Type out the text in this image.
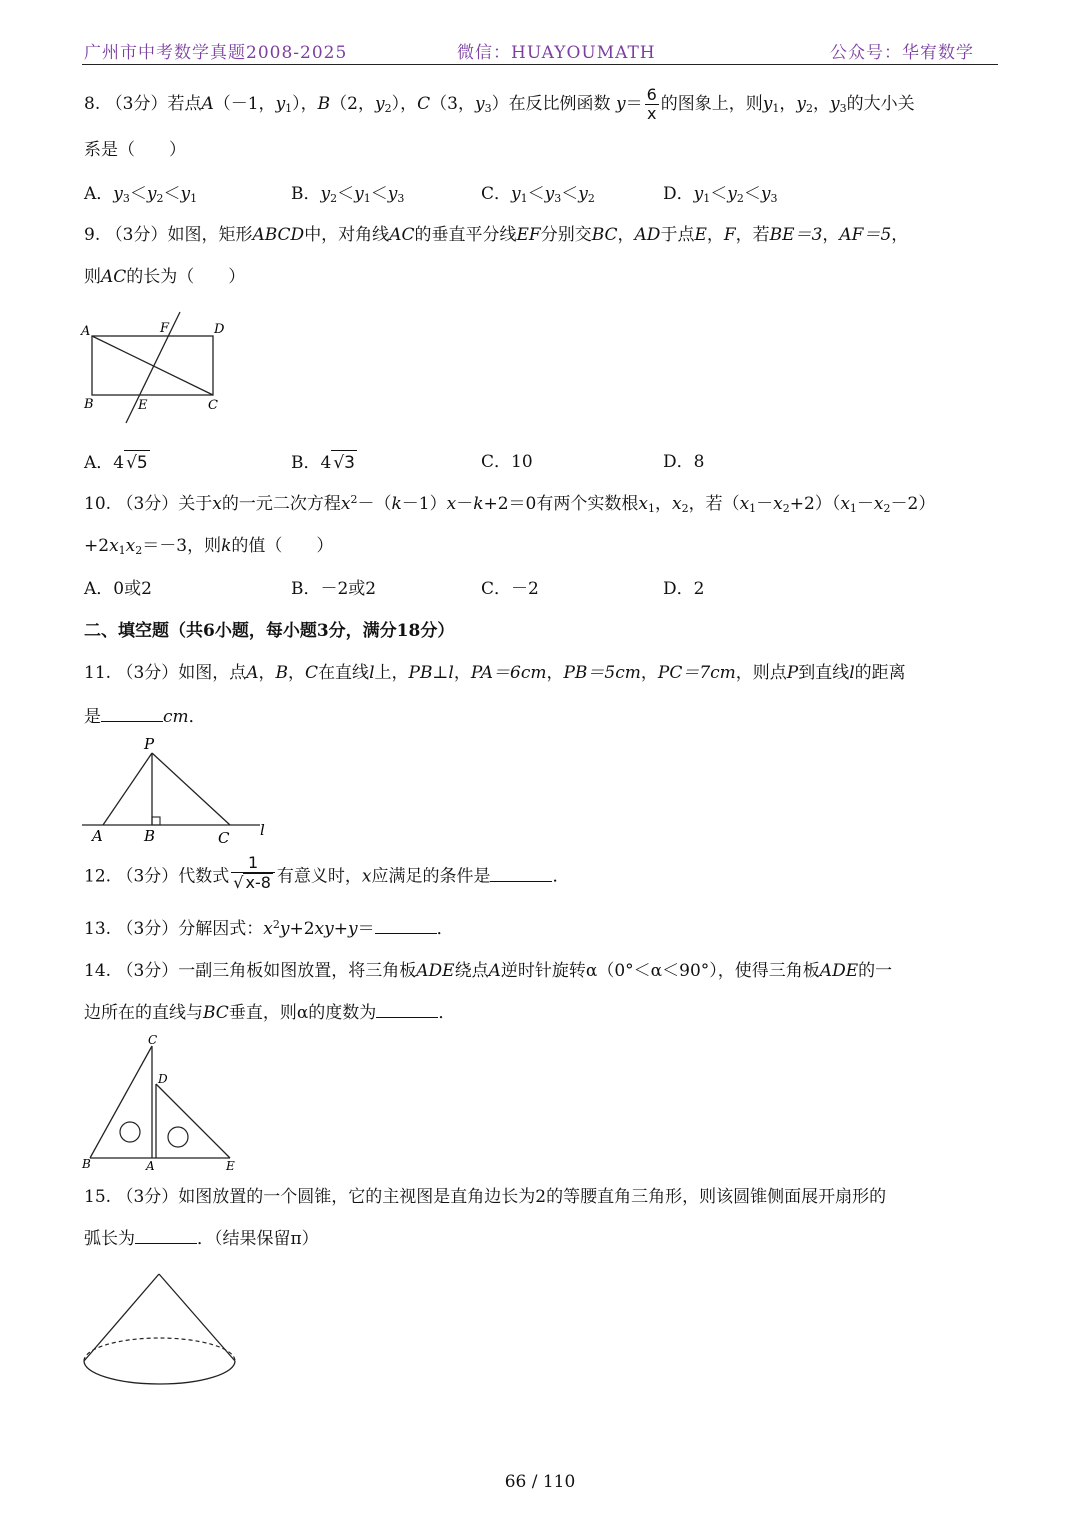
广州市中考数学真题2008-2025	微信：HUAYOUMATH	公众号：华宥数学
8. （3分）若点A（－1，$y_1$），B（2，$y_2$），C（3，$y_3$）在反比例函数 $y= \frac{6}{x}$ 的图象上，则$y_1$，$y_2$，$y_3$的大小关
系是（　　）
A．$y_3<y_2<y_1$	B．$y_2<y_1<y_3$	C．$y_1<y_3<y_2$	D．$y_1<y_2<y_3$
9. （3分）如图，矩形ABCD中，对角线AC的垂直平分线EF分别交BC，AD于点E，F，若BE＝3，AF＝5，
则AC的长为（　　）
A	F	D
B	E	C
A．4 √5	B．4 √3	C．10	D．8
10. （3分）关于x的一元二次方程$x^2-(k-1)x-k+2=0$有两个实数根$x_1$，$x_2$，若$(x_1-x_2+2)(x_1-x_2-2)$
$+2x_1x_2=-3$，则k的值（　　）
A．0或2	B．－2或2	C．－2	D．2
二、填空题（共6小题，每小题3分，满分18分）
11. （3分）如图，点A，B，C在直线l上，PB⊥l，PA＝6cm，PB＝5cm，PC＝7cm，则点P到直线l的距离
是	cm．
P
A	B	C l
12. （3分）代数式 $\frac{1}{√ x-8}$ 有意义时，x应满足的条件是	．
13. （3分）分解因式：$x^2y+2xy+y=$	．
14. （3分）一副三角板如图放置，将三角板ADE绕点A逆时针旋转α（0°＜α＜90°），使得三角板ADE的一
边所在的直线与BC垂直，则α的度数为	．
C
D
B	A	E
15. （3分）如图放置的一个圆锥，它的主视图是直角边长为2的等腰直角三角形，则该圆锥侧面展开扇形的
弧长为	．（结果保留π）
66 / 110
